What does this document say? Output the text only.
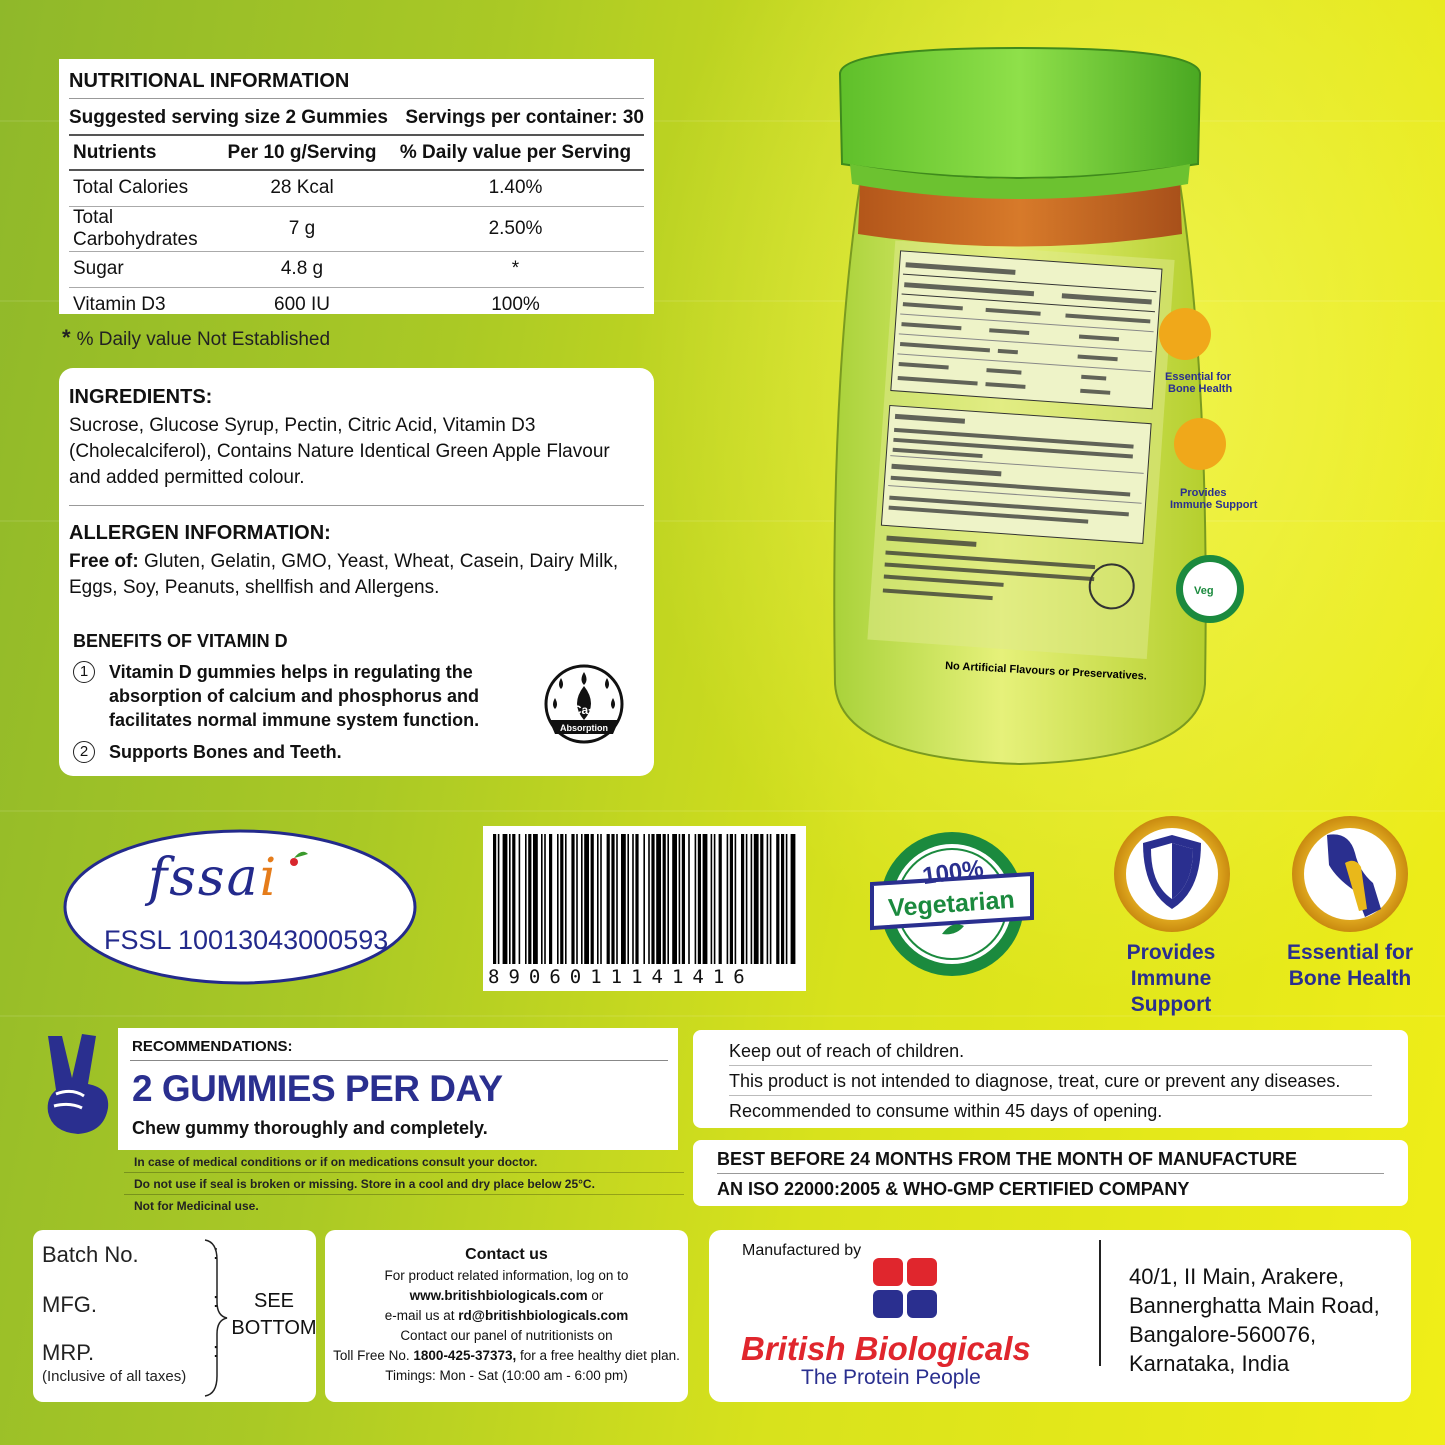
NUTRITIONAL INFORMATION
Suggested serving size 2 Gummies Servings per container: 30
Nutrients	Per 10 g/Serving	% Daily value per Serving
Total Calories	28 Kcal	1.40%
Total Carbohydrates	7 g	2.50%
Sugar	4.8 g	*
Vitamin D3	600 IU	100%
* % Daily value Not Established
INGREDIENTS:
Sucrose, Glucose Syrup, Pectin, Citric Acid, Vitamin D3 (Cholecalciferol), Contains Nature Identical Green Apple Flavour and added permitted colour.
ALLERGEN INFORMATION:
Free of: Gluten, Gelatin, GMO, Yeast, Wheat, Casein, Dairy Milk, Eggs, Soy, Peanuts, shellfish and Allergens.
BENEFITS OF VITAMIN D
1	Vitamin D gummies helps in regulating the absorption of calcium and phosphorus and facilitates normal immune system function.
2	Supports Bones and Teeth.
Ca+
Absorption
No Artificial Flavours or Preservatives.
Essential for
Bone Health
Provides
Immune Support
Veg
fssai
FSSL 10013043000593
8906011141416
100%
Vegetarian
Provides
Immune Support
Essential for
Bone Health
RECOMMENDATIONS:
2 GUMMIES PER DAY
Chew gummy thoroughly and completely.
In case of medical conditions or if on medications consult your doctor.
Do not use if seal is broken or missing. Store in a cool and dry place below 25°C.
Not for Medicinal use.
Keep out of reach of children.
This product is not intended to diagnose, treat, cure or prevent any diseases.
Recommended to consume within 45 days of opening.
BEST BEFORE 24 MONTHS FROM THE MONTH OF MANUFACTURE
AN ISO 22000:2005 & WHO-GMP CERTIFIED COMPANY
Batch No.	:
MFG.	:
MRP.	:
(Inclusive of all taxes)
SEE BOTTOM
Contact us
For product related information, log on to
www.britishbiologicals.com or
e-mail us at rd@britishbiologicals.com
Contact our panel of nutritionists on
Toll Free No. 1800-425-37373, for a free healthy diet plan.
Timings: Mon - Sat (10:00 am - 6:00 pm)
Manufactured by
British Biologicals
The Protein People
40/1, II Main, Arakere,
Bannerghatta Main Road,
Bangalore-560076,
Karnataka, India
